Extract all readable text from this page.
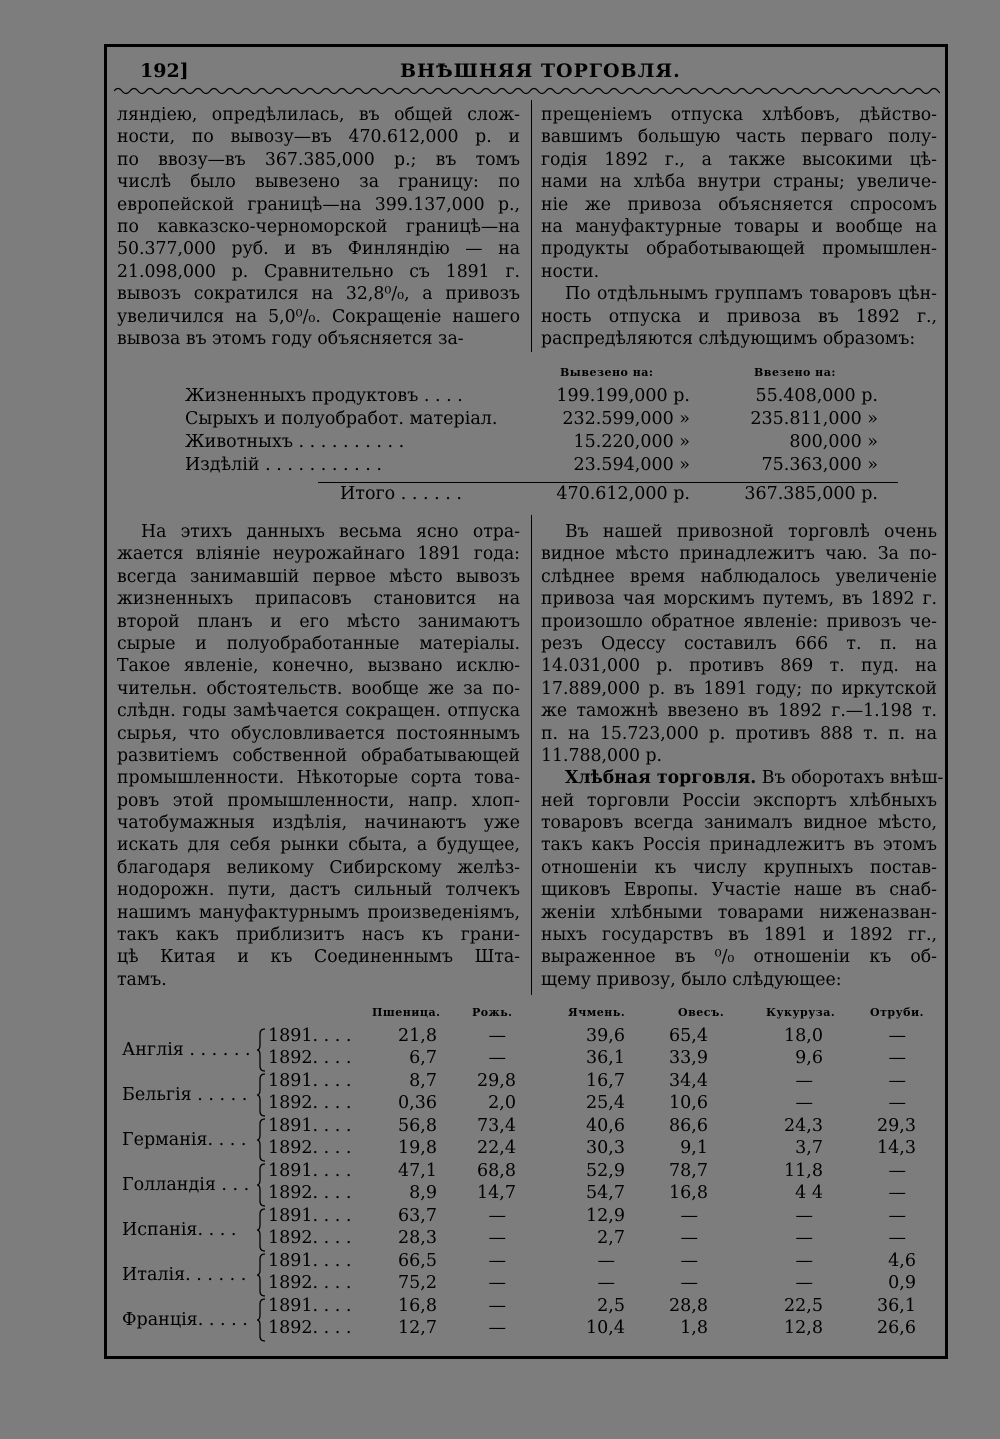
192]	ВНѢШНЯЯ ТОРГОВЛЯ.
ляндiею, опредѣлилась, въ общей слож-
ности, по вывозу—въ 470.612,000 р. и
по ввозу—въ 367.385,000 р.; въ томъ
числѣ было вывезено за границу: по
европейской границѣ—на 399.137,000 р.,
по кавказско-черноморской границѣ—на
50.377,000 руб. и въ Финляндiю — на
21.098,000 р. Сравнительно съ 1891 г.
вывозъ сократился на 32,8⁰/₀, а привозъ
увеличился на 5,0⁰/₀. Сокращенiе нашего
вывоза въ этомъ году объясняется за-
прещенiемъ отпуска хлѣбовъ, дѣйство-
вавшимъ большую часть перваго полу-
годiя 1892 г., а также высокими цѣ-
нами на хлѣба внутри страны; увеличе-
нiе же привоза объясняется спросомъ
на мануфактурные товары и вообще на
продукты обработывающей промышлен-
ности.
По отдѣльнымъ группамъ товаровъ цѣн-
ность отпуска и привоза въ 1892 г.,
распредѣляются слѣдующимъ образомъ:
Вывезено на:	Ввезено на:
Жизненныхъ продуктовъ . . . .	199.199,000 р.	55.408,000 р.
Сырыхъ и полуобработ. матерiал.	232.599,000 »	235.811,000 »
Животныхъ . . . . . . . . . .	15.220,000 »	800,000 »
Издѣлiй . . . . . . . . . . .	23.594,000 »	75.363,000 »
Итого . . . . . .	470.612,000 р.	367.385,000 р.
На этихъ данныхъ весьма ясно отра-
жается влiянiе неурожайнаго 1891 года:
всегда занимавшiй первое мѣсто вывозъ
жизненныхъ припасовъ становится на
второй планъ и его мѣсто занимаютъ
сырые и полуобработанные матерiалы.
Такое явленiе, конечно, вызвано исклю-
чительн. обстоятельств. вообще же за по-
слѣдн. годы замѣчается сокращен. отпуска
сырья, что обусловливается постояннымъ
развитiемъ собственной обрабатывающей
промышленности. Нѣкоторые сорта това-
ровъ этой промышленности, напр. хлоп-
чатобумажныя издѣлiя, начинаютъ уже
искать для себя рынки сбыта, а будущее,
благодаря великому Сибирскому желѣз-
нодорожн. пути, дастъ сильный толчекъ
нашимъ мануфактурнымъ произведенiямъ,
такъ какъ приблизитъ насъ къ грани-
цѣ Китая и къ Соединеннымъ Шта-
тамъ.
Въ нашей привозной торговлѣ очень
видное мѣсто принадлежитъ чаю. За по-
слѣднее время наблюдалось увеличенiе
привоза чая морскимъ путемъ, въ 1892 г.
произошло обратное явленiе: привозъ че-
резъ Одессу составилъ 666 т. п. на
14.031,000 р. противъ 869 т. пуд. на
17.889,000 р. въ 1891 году; по иркутской
же таможнѣ ввезено въ 1892 г.—1.198 т.
п. на 15.723,000 р. противъ 888 т. п. на
11.788,000 р.
Хлѣбная торговля. Въ оборотахъ внѣш-
ней торговли Россiи экспортъ хлѣбныхъ
товаровъ всегда занималъ видное мѣсто,
такъ какъ Россiя принадлежитъ въ этомъ
отношенiи къ числу крупныхъ постав-
щиковъ Европы. Участiе наше въ снаб-
женiи хлѣбными товарами ниженазван-
ныхъ государствъ въ 1891 и 1892 гг.,
выраженное въ ⁰/₀ отношенiи къ об-
щему привозу, было слѣдующее:
Пшеница.	Рожь.	Ячмень.	Овесъ.	Кукуруза.	Отруби.
Англiя . . . . . .
1891. . . .	21,8	—	39,6	65,4	18,0	—
1892. . . .	6,7	—	36,1	33,9	9,6	—
Бельгiя . . . . .
1891. . . .	8,7	29,8	16,7	34,4	—	—
1892. . . .	0,36	2,0	25,4	10,6	—	—
Германiя. . . .
1891. . . .	56,8	73,4	40,6	86,6	24,3	29,3
1892. . . .	19,8	22,4	30,3	9,1	3,7	14,3
Голландiя . . .
1891. . . .	47,1	68,8	52,9	78,7	11,8	—
1892. . . .	8,9	14,7	54,7	16,8	4 4	—
Испанiя. . . .
1891. . . .	63,7	—	12,9	—	—	—
1892. . . .	28,3	—	2,7	—	—	—
Италiя. . . . . .
1891. . . .	66,5	—	—	—	—	4,6
1892. . . .	75,2	—	—	—	—	0,9
Францiя. . . . .
1891. . . .	16,8	—	2,5	28,8	22,5	36,1
1892. . . .	12,7	—	10,4	1,8	12,8	26,6
